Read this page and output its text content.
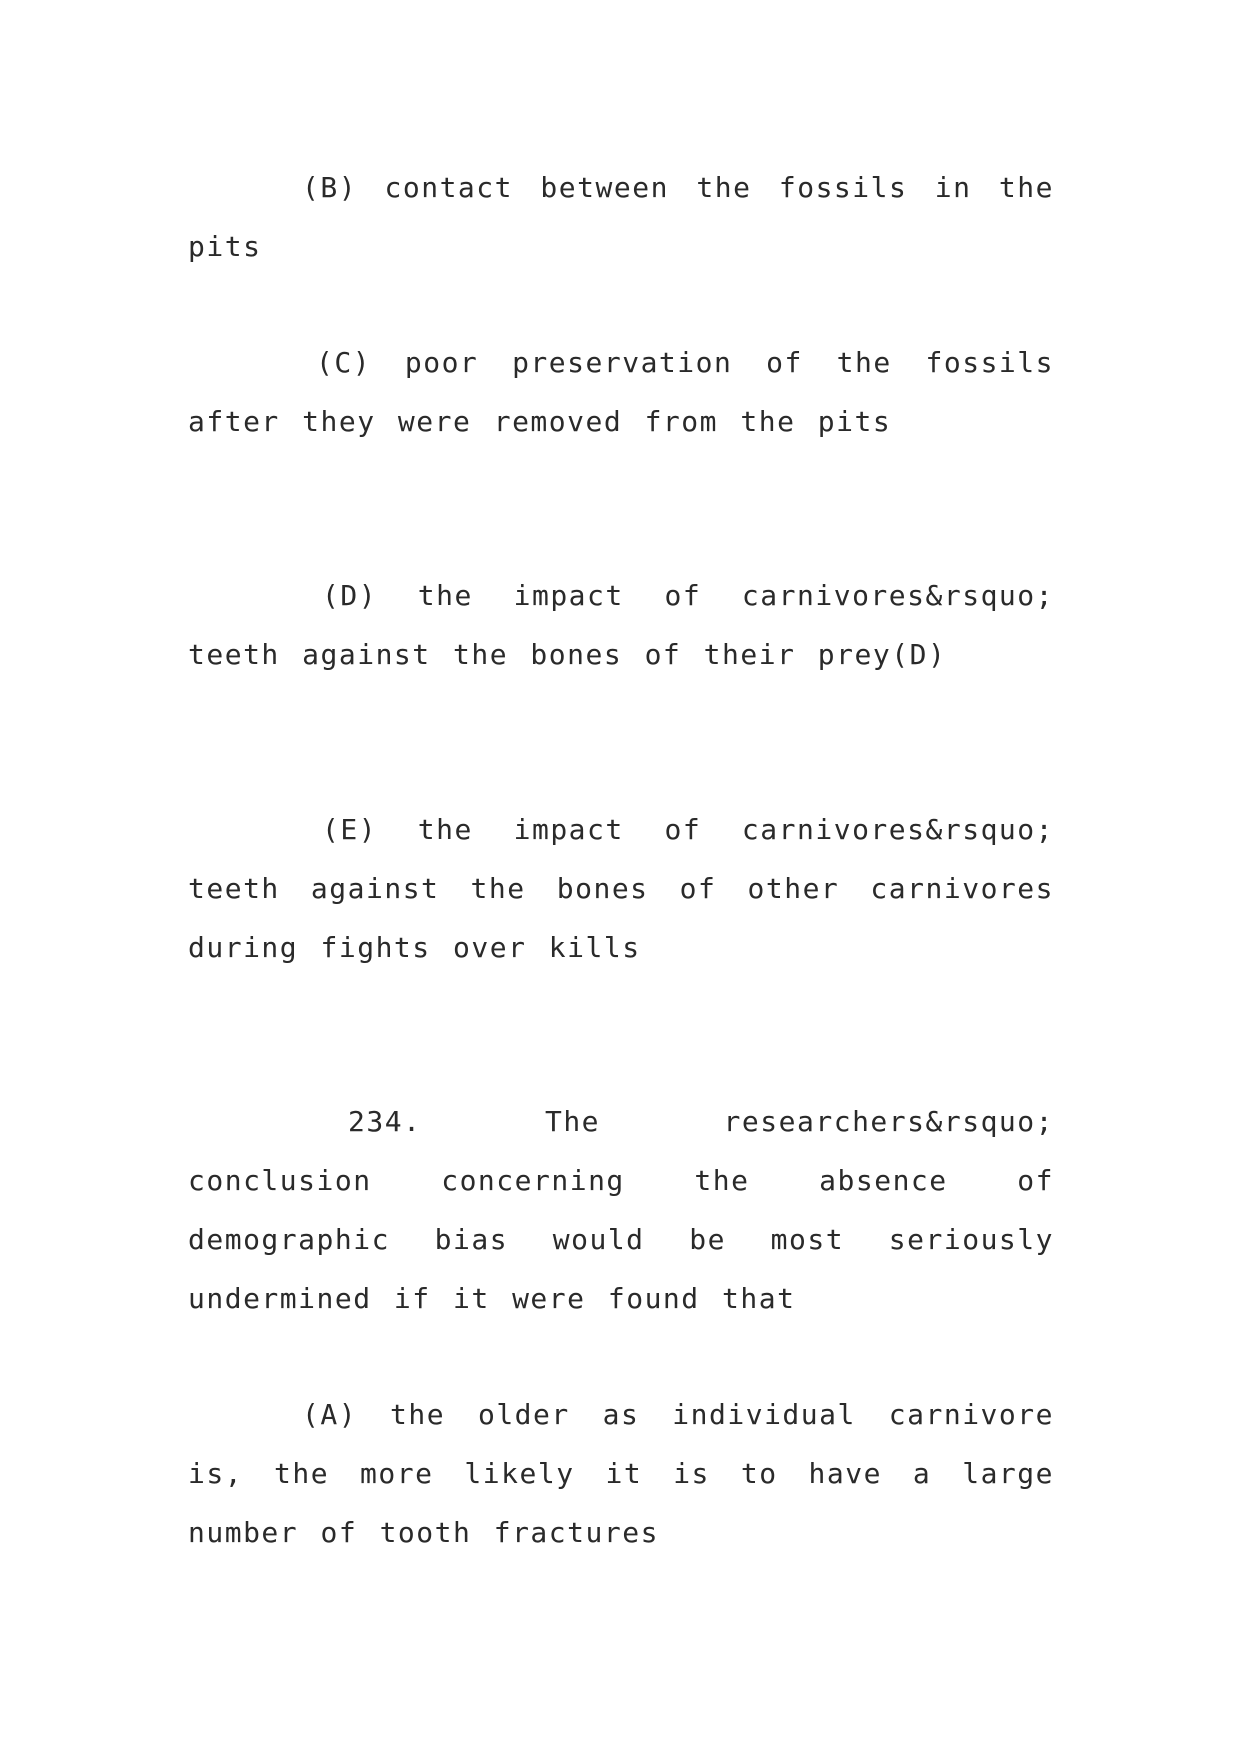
(B) contact between the fossils in the pits

(C) poor preservation of the fossils after they were removed from the pits

(D) the impact of carnivores&rsquo; teeth against the bones of their prey(D)

(E) the impact of carnivores&rsquo; teeth against the bones of other carnivores during fights over kills

234. The researchers&rsquo; conclusion concerning the absence of demographic bias would be most seriously undermined if it were found that

(A) the older as individual carnivore is, the more likely it is to have a large number of tooth fractures
